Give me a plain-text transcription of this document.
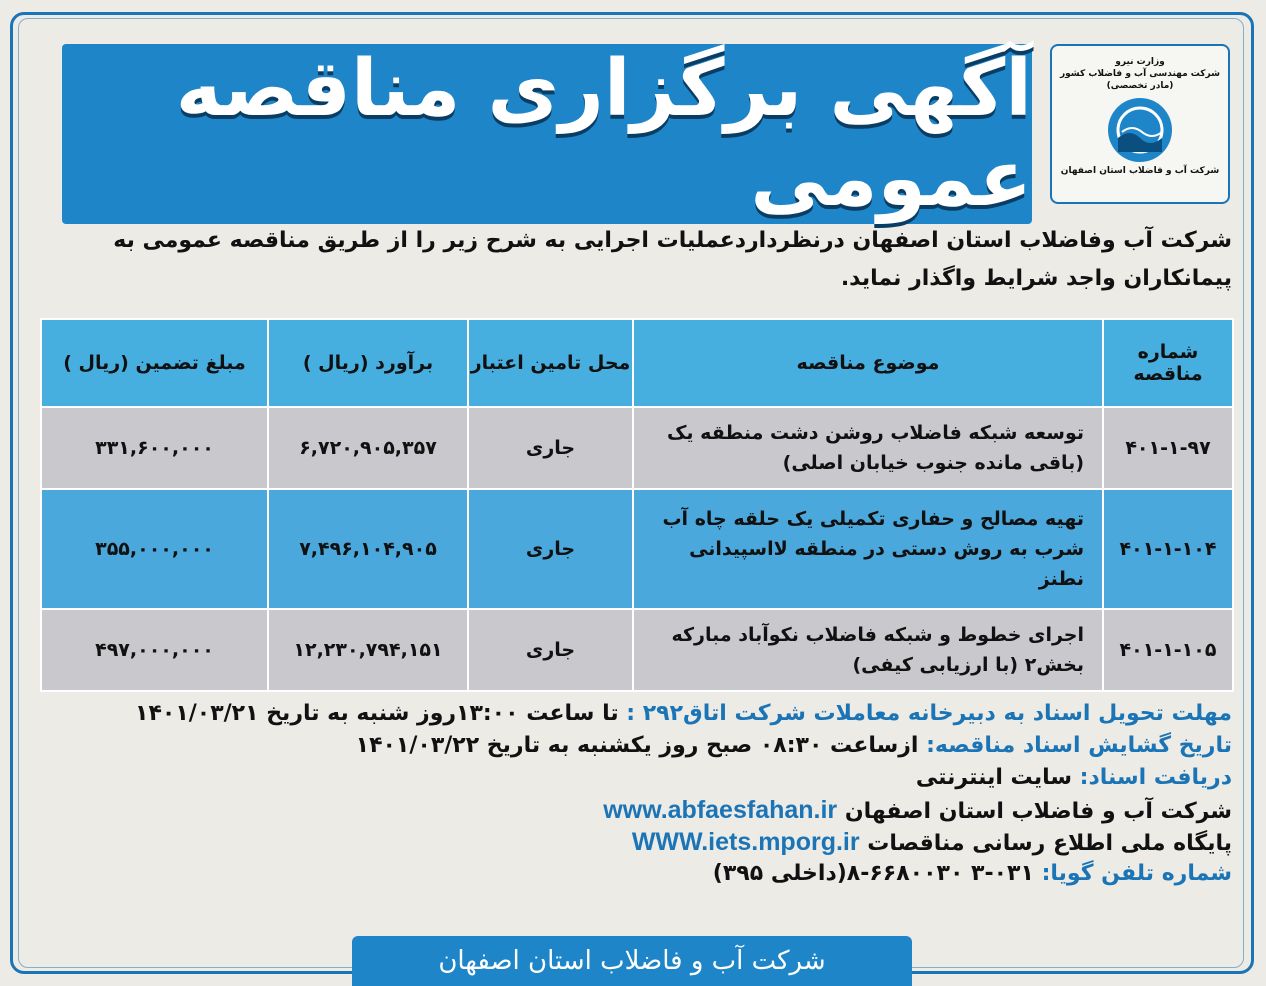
آگهی برگزاری مناقصه عمومی
وزارت نیرو
شرکت مهندسی آب و فاضلاب کشور
(مادر تخصصی)
شرکت آب و فاضلاب استان اصفهان
شرکت آب وفاضلاب استان اصفهان درنظرداردعملیات اجرایی به شرح زیر را از طریق مناقصه عمومی به پیمانکاران واجد شرایط واگذار نماید.
شماره مناقصه	موضوع مناقصه	محل تامین اعتبار	برآورد (ریال )	مبلغ تضمین (ریال )
۴۰۱-۱-۹۷	توسعه شبکه فاضلاب روشن دشت منطقه یک (باقی مانده جنوب خیابان اصلی)	جاری	۶,۷۲۰,۹۰۵,۳۵۷	۳۳۱,۶۰۰,۰۰۰
۴۰۱-۱-۱۰۴	تهیه مصالح و حفاری تکمیلی یک حلقه چاه آب شرب به روش دستی در منطقه لااسپیدانی نطنز	جاری	۷,۴۹۶,۱۰۴,۹۰۵	۳۵۵,۰۰۰,۰۰۰
۴۰۱-۱-۱۰۵	اجرای خطوط و شبکه فاضلاب نکوآباد مبارکه بخش۲ (با ارزیابی کیفی)	جاری	۱۲,۲۳۰,۷۹۴,۱۵۱	۴۹۷,۰۰۰,۰۰۰
مهلت تحویل اسناد به دبیرخانه معاملات شرکت اتاق۲۹۲ : تا ساعت ۱۳:۰۰روز شنبه به تاریخ ۱۴۰۱/۰۳/۲۱
تاریخ گشایش اسناد مناقصه: ازساعت ۰۸:۳۰ صبح روز یکشنبه به تاریخ ۱۴۰۱/۰۳/۲۲
دریافت اسناد: سایت اینترنتی
شرکت آب و فاضلاب استان اصفهان www.abfaesfahan.ir
پایگاه ملی اطلاع رسانی مناقصات WWW.iets.mporg.ir
شماره تلفن گویا: ۰۳۱-۳ ۶۶۸۰۰۳۰-۸(داخلی ۳۹۵)
شرکت آب و فاضلاب استان اصفهان
